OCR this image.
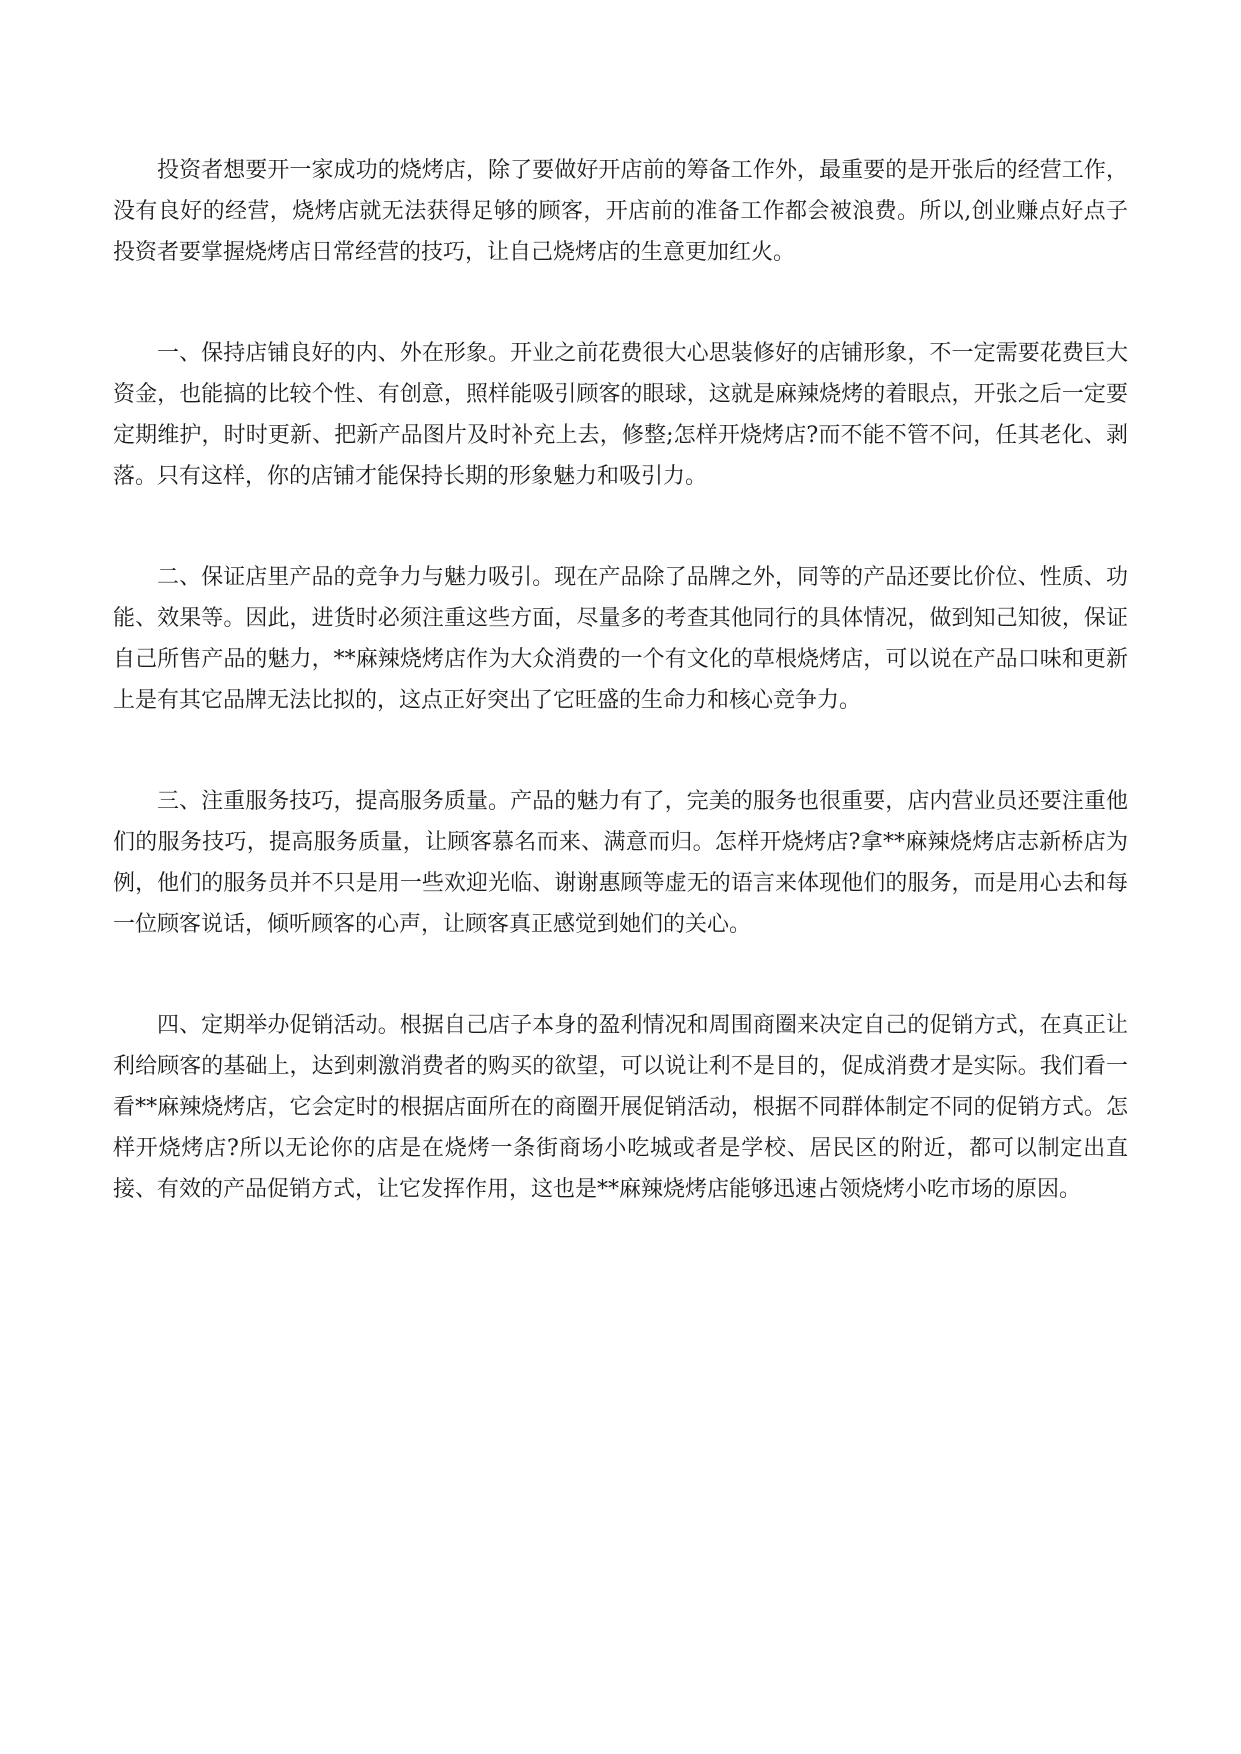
投资者想要开一家成功的烧烤店，除了要做好开店前的筹备工作外，最重要的是开张后的经营工作，没有良好的经营，烧烤店就无法获得足够的顾客，开店前的准备工作都会被浪费。所以,创业赚点好点子投资者要掌握烧烤店日常经营的技巧，让自己烧烤店的生意更加红火。

一、保持店铺良好的内、外在形象。开业之前花费很大心思装修好的店铺形象，不一定需要花费巨大资金，也能搞的比较个性、有创意，照样能吸引顾客的眼球，这就是麻辣烧烤的着眼点，开张之后一定要定期维护，时时更新、把新产品图片及时补充上去，修整;怎样开烧烤店?而不能不管不问，任其老化、剥落。只有这样，你的店铺才能保持长期的形象魅力和吸引力。

二、保证店里产品的竞争力与魅力吸引。现在产品除了品牌之外，同等的产品还要比价位、性质、功能、效果等。因此，进货时必须注重这些方面，尽量多的考查其他同行的具体情况，做到知己知彼，保证自己所售产品的魅力，**麻辣烧烤店作为大众消费的一个有文化的草根烧烤店，可以说在产品口味和更新上是有其它品牌无法比拟的，这点正好突出了它旺盛的生命力和核心竞争力。

三、注重服务技巧，提高服务质量。产品的魅力有了，完美的服务也很重要，店内营业员还要注重他们的服务技巧，提高服务质量，让顾客慕名而来、满意而归。怎样开烧烤店?拿**麻辣烧烤店志新桥店为例，他们的服务员并不只是用一些欢迎光临、谢谢惠顾等虚无的语言来体现他们的服务，而是用心去和每一位顾客说话，倾听顾客的心声，让顾客真正感觉到她们的关心。

四、定期举办促销活动。根据自己店子本身的盈利情况和周围商圈来决定自己的促销方式，在真正让利给顾客的基础上，达到刺激消费者的购买的欲望，可以说让利不是目的，促成消费才是实际。我们看一看**麻辣烧烤店，它会定时的根据店面所在的商圈开展促销活动，根据不同群体制定不同的促销方式。怎样开烧烤店?所以无论你的店是在烧烤一条街商场小吃城或者是学校、居民区的附近，都可以制定出直接、有效的产品促销方式，让它发挥作用，这也是**麻辣烧烤店能够迅速占领烧烤小吃市场的原因。
